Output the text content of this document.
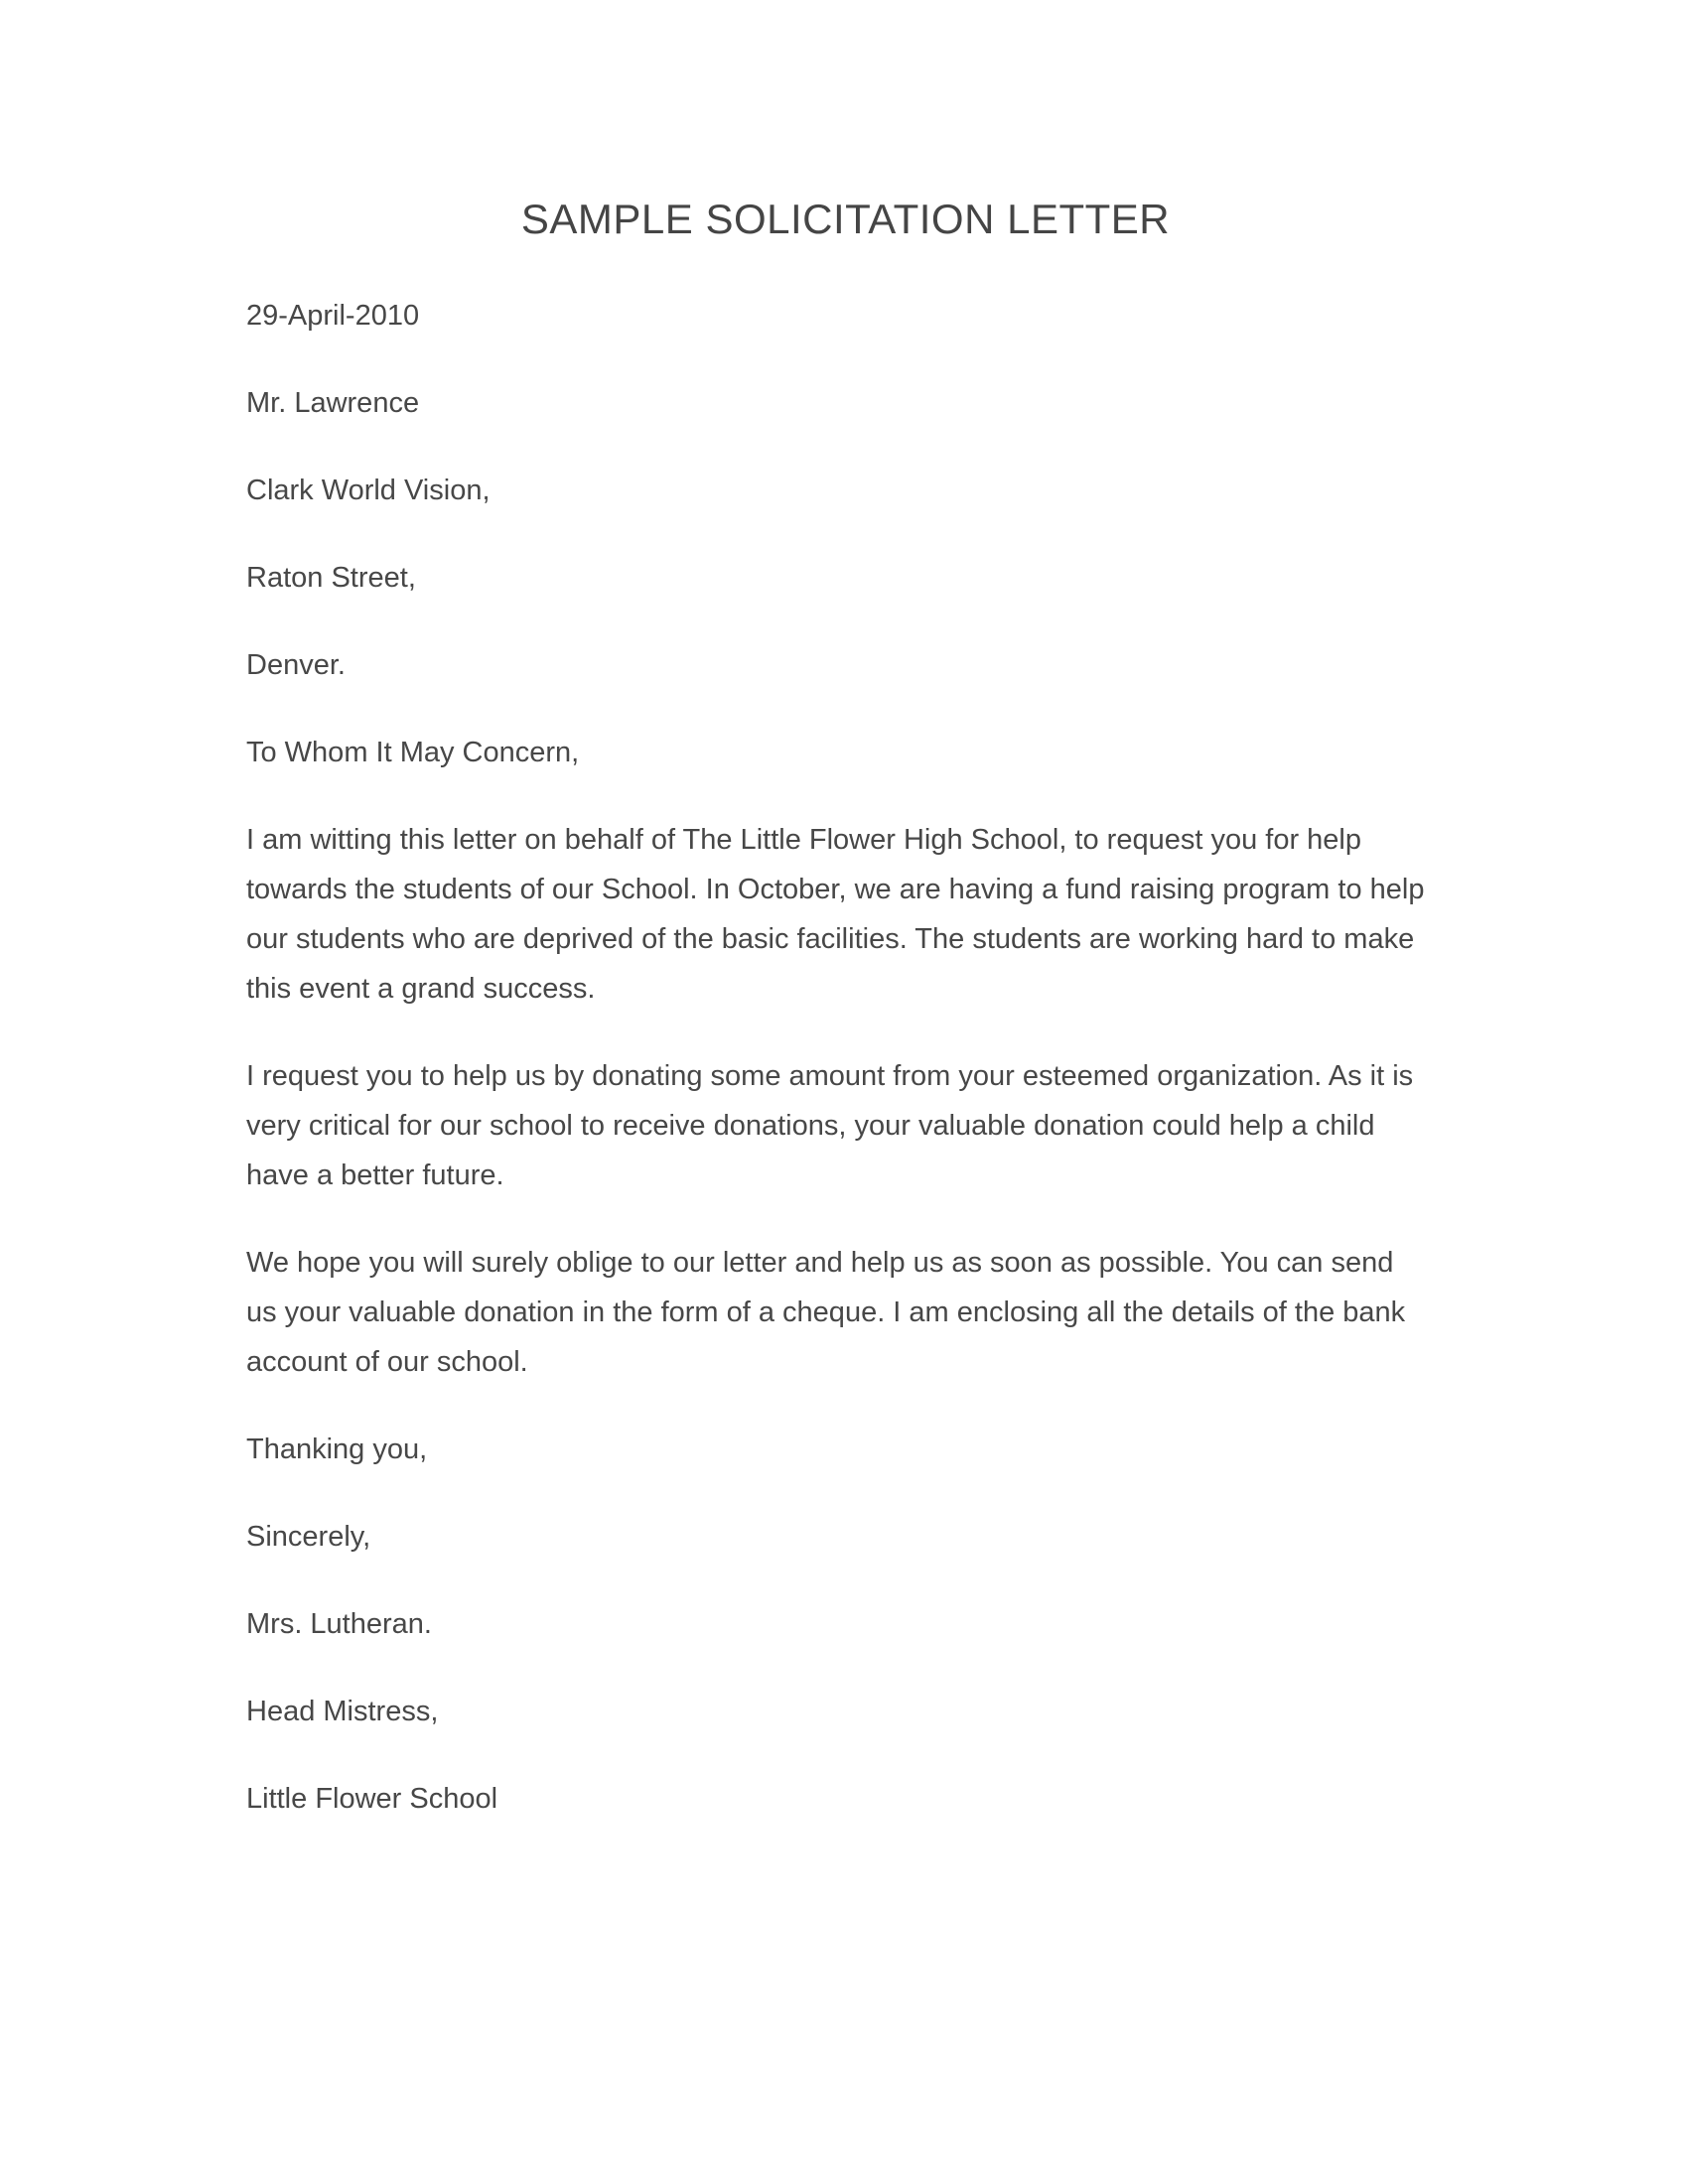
SAMPLE SOLICITATION LETTER
29-April-2010
Mr. Lawrence
Clark World Vision,
Raton Street,
Denver.
To Whom It May Concern,
I am witting this letter on behalf of The Little Flower High School, to request you for help
towards the students of our School. In October, we are having a fund raising program to help
our students who are deprived of the basic facilities. The students are working hard to make
this event a grand success.
I request you to help us by donating some amount from your esteemed organization. As it is
very critical for our school to receive donations, your valuable donation could help a child
have a better future.
We hope you will surely oblige to our letter and help us as soon as possible. You can send
us your valuable donation in the form of a cheque. I am enclosing all the details of the bank
account of our school.
Thanking you,
Sincerely,
Mrs. Lutheran.
Head Mistress,
Little Flower School
